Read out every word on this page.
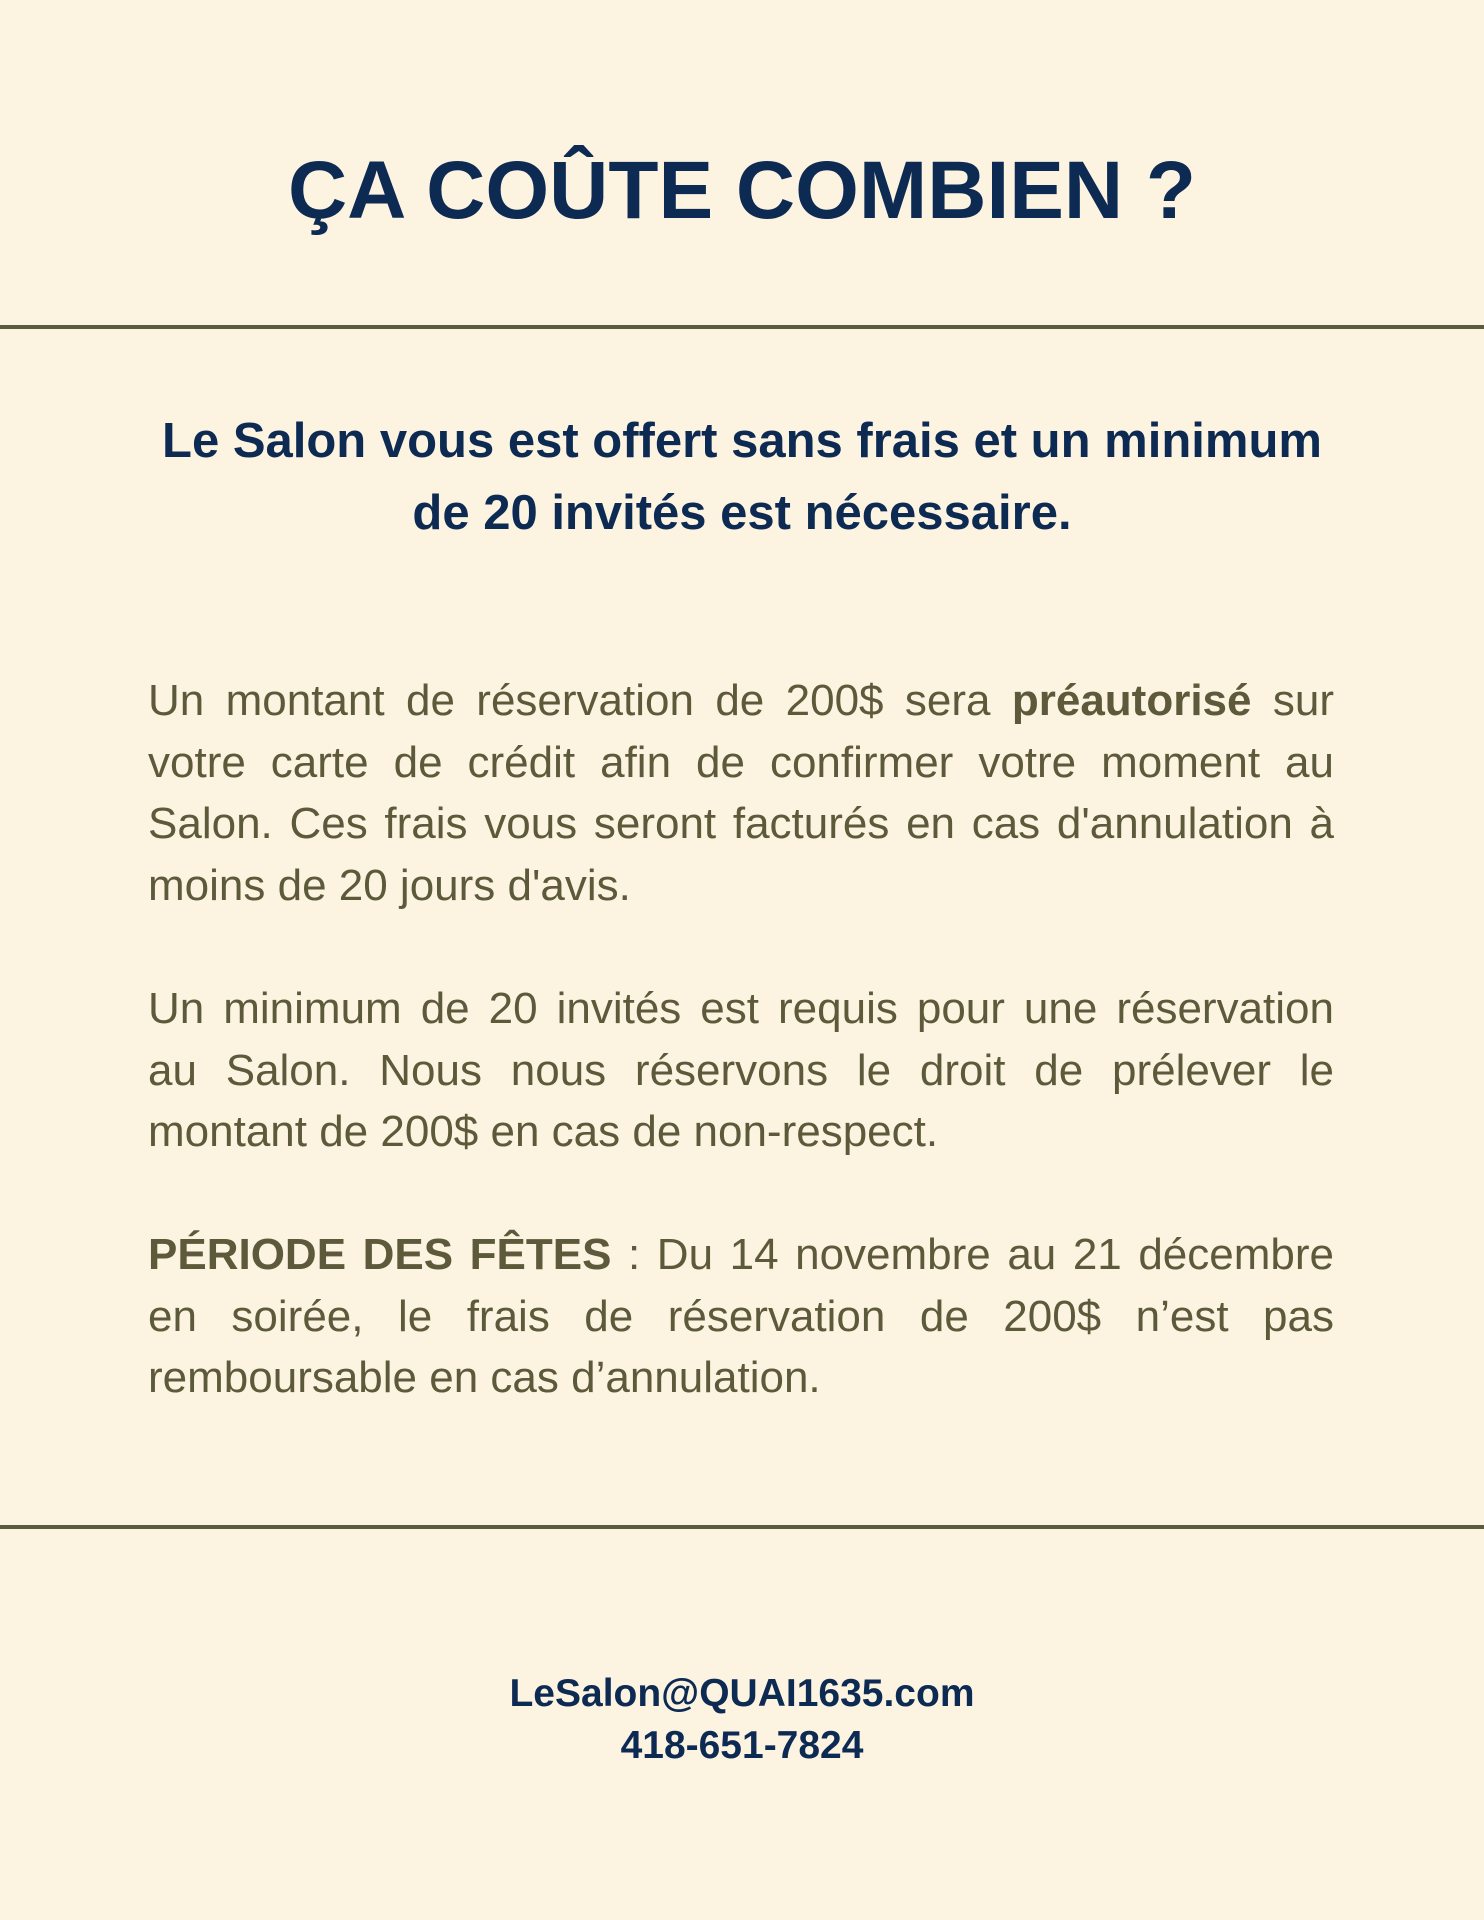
ÇA COÛTE COMBIEN ?
Le Salon vous est offert sans frais et un minimum de 20 invités est nécessaire.

Un montant de réservation de 200$ sera préautorisé sur votre carte de crédit afin de confirmer votre moment au Salon. Ces frais vous seront facturés en cas d'annulation à moins de 20 jours d'avis.

Un minimum de 20 invités est requis pour une réservation au Salon. Nous nous réservons le droit de prélever le montant de 200$ en cas de non-respect.

PÉRIODE DES FÊTES : Du 14 novembre au 21 décembre en soirée, le frais de réservation de 200$ n’est pas remboursable en cas d’annulation.

LeSalon@QUAI1635.com
418-651-7824
